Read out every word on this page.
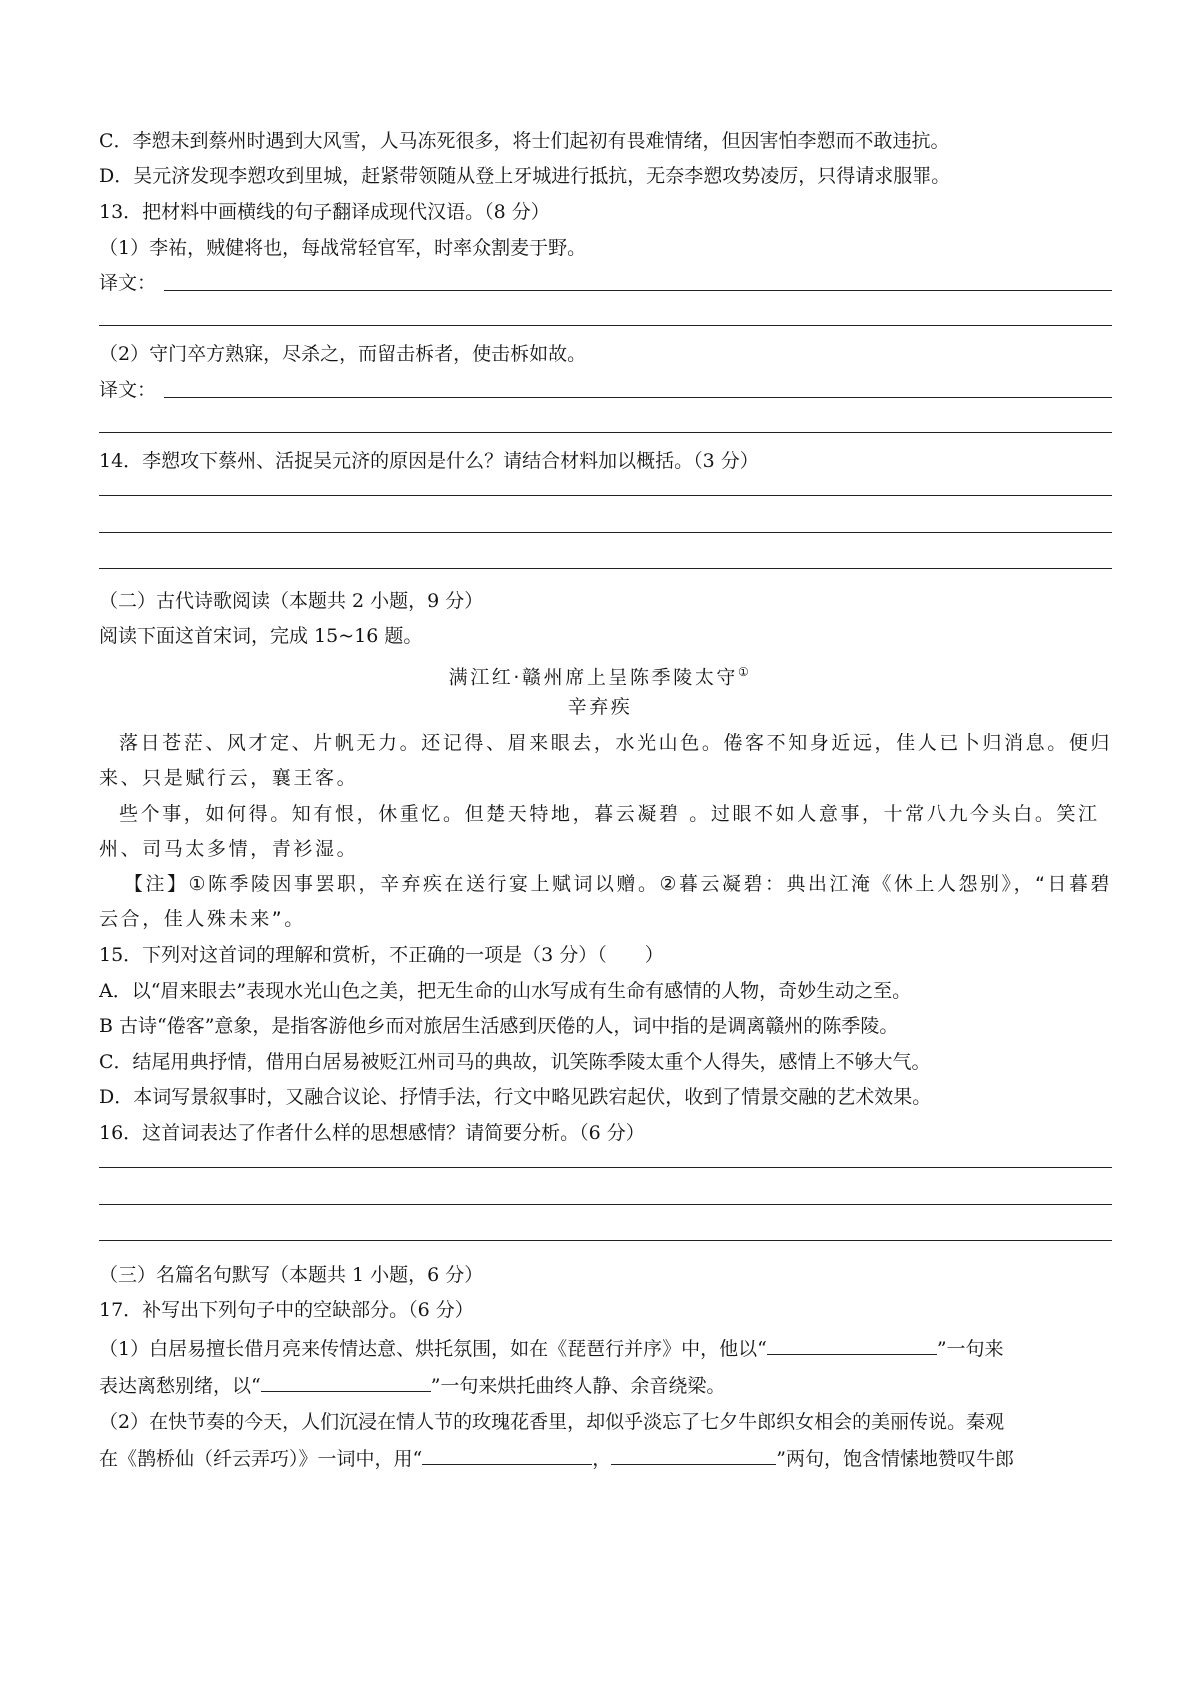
C．李愬未到蔡州时遇到大风雪，人马冻死很多，将士们起初有畏难情绪，但因害怕李愬而不敢违抗。
D．吴元济发现李愬攻到里城，赶紧带领随从登上牙城进行抵抗，无奈李愬攻势凌厉，只得请求服罪。
13．把材料中画横线的句子翻译成现代汉语。（8 分）
（1）李祐，贼健将也，每战常轻官军，时率众割麦于野。
译文：
（2）守门卒方熟寐，尽杀之，而留击柝者，使击柝如故。
译文：
14．李愬攻下蔡州、活捉吴元济的原因是什么？请结合材料加以概括。（3 分）
（二）古代诗歌阅读（本题共 2 小题，9 分）
阅读下面这首宋词，完成 15~16 题。
满江红·赣州席上呈陈季陵太守①
辛弃疾
落日苍茫、风才定、片帆无力。还记得、眉来眼去，水光山色。倦客不知身近远，佳人已卜归消息。便归
来、只是赋行云，襄王客。
些个事，如何得。知有恨，休重忆。但楚天特地，暮云凝碧 。过眼不如人意事，十常八九今头白。笑江
州、司马太多情，青衫湿。
【注】①陈季陵因事罢职，辛弃疾在送行宴上赋词以赠。②暮云凝碧：典出江淹《休上人怨别》，“日暮碧
云合，佳人殊未来”。
15．下列对这首词的理解和赏析，不正确的一项是（3 分）（　　）
A．以“眉来眼去”表现水光山色之美，把无生命的山水写成有生命有感情的人物，奇妙生动之至。
B 古诗“倦客”意象，是指客游他乡而对旅居生活感到厌倦的人，词中指的是调离赣州的陈季陵。
C．结尾用典抒情，借用白居易被贬江州司马的典故，讥笑陈季陵太重个人得失，感情上不够大气。
D．本词写景叙事时，又融合议论、抒情手法，行文中略见跌宕起伏，收到了情景交融的艺术效果。
16．这首词表达了作者什么样的思想感情？请简要分析。（6 分）
（三）名篇名句默写（本题共 1 小题，6 分）
17．补写出下列句子中的空缺部分。（6 分）
（1）白居易擅长借月亮来传情达意、烘托氛围，如在《琵琶行并序》中，他以“	”一句来
表达离愁别绪，以“	”一句来烘托曲终人静、余音绕梁。
（2）在快节奏的今天，人们沉浸在情人节的玫瑰花香里，却似乎淡忘了七夕牛郎织女相会的美丽传说。秦观
在《鹊桥仙（纤云弄巧）》一词中，用“	，	”两句，饱含情愫地赞叹牛郎
